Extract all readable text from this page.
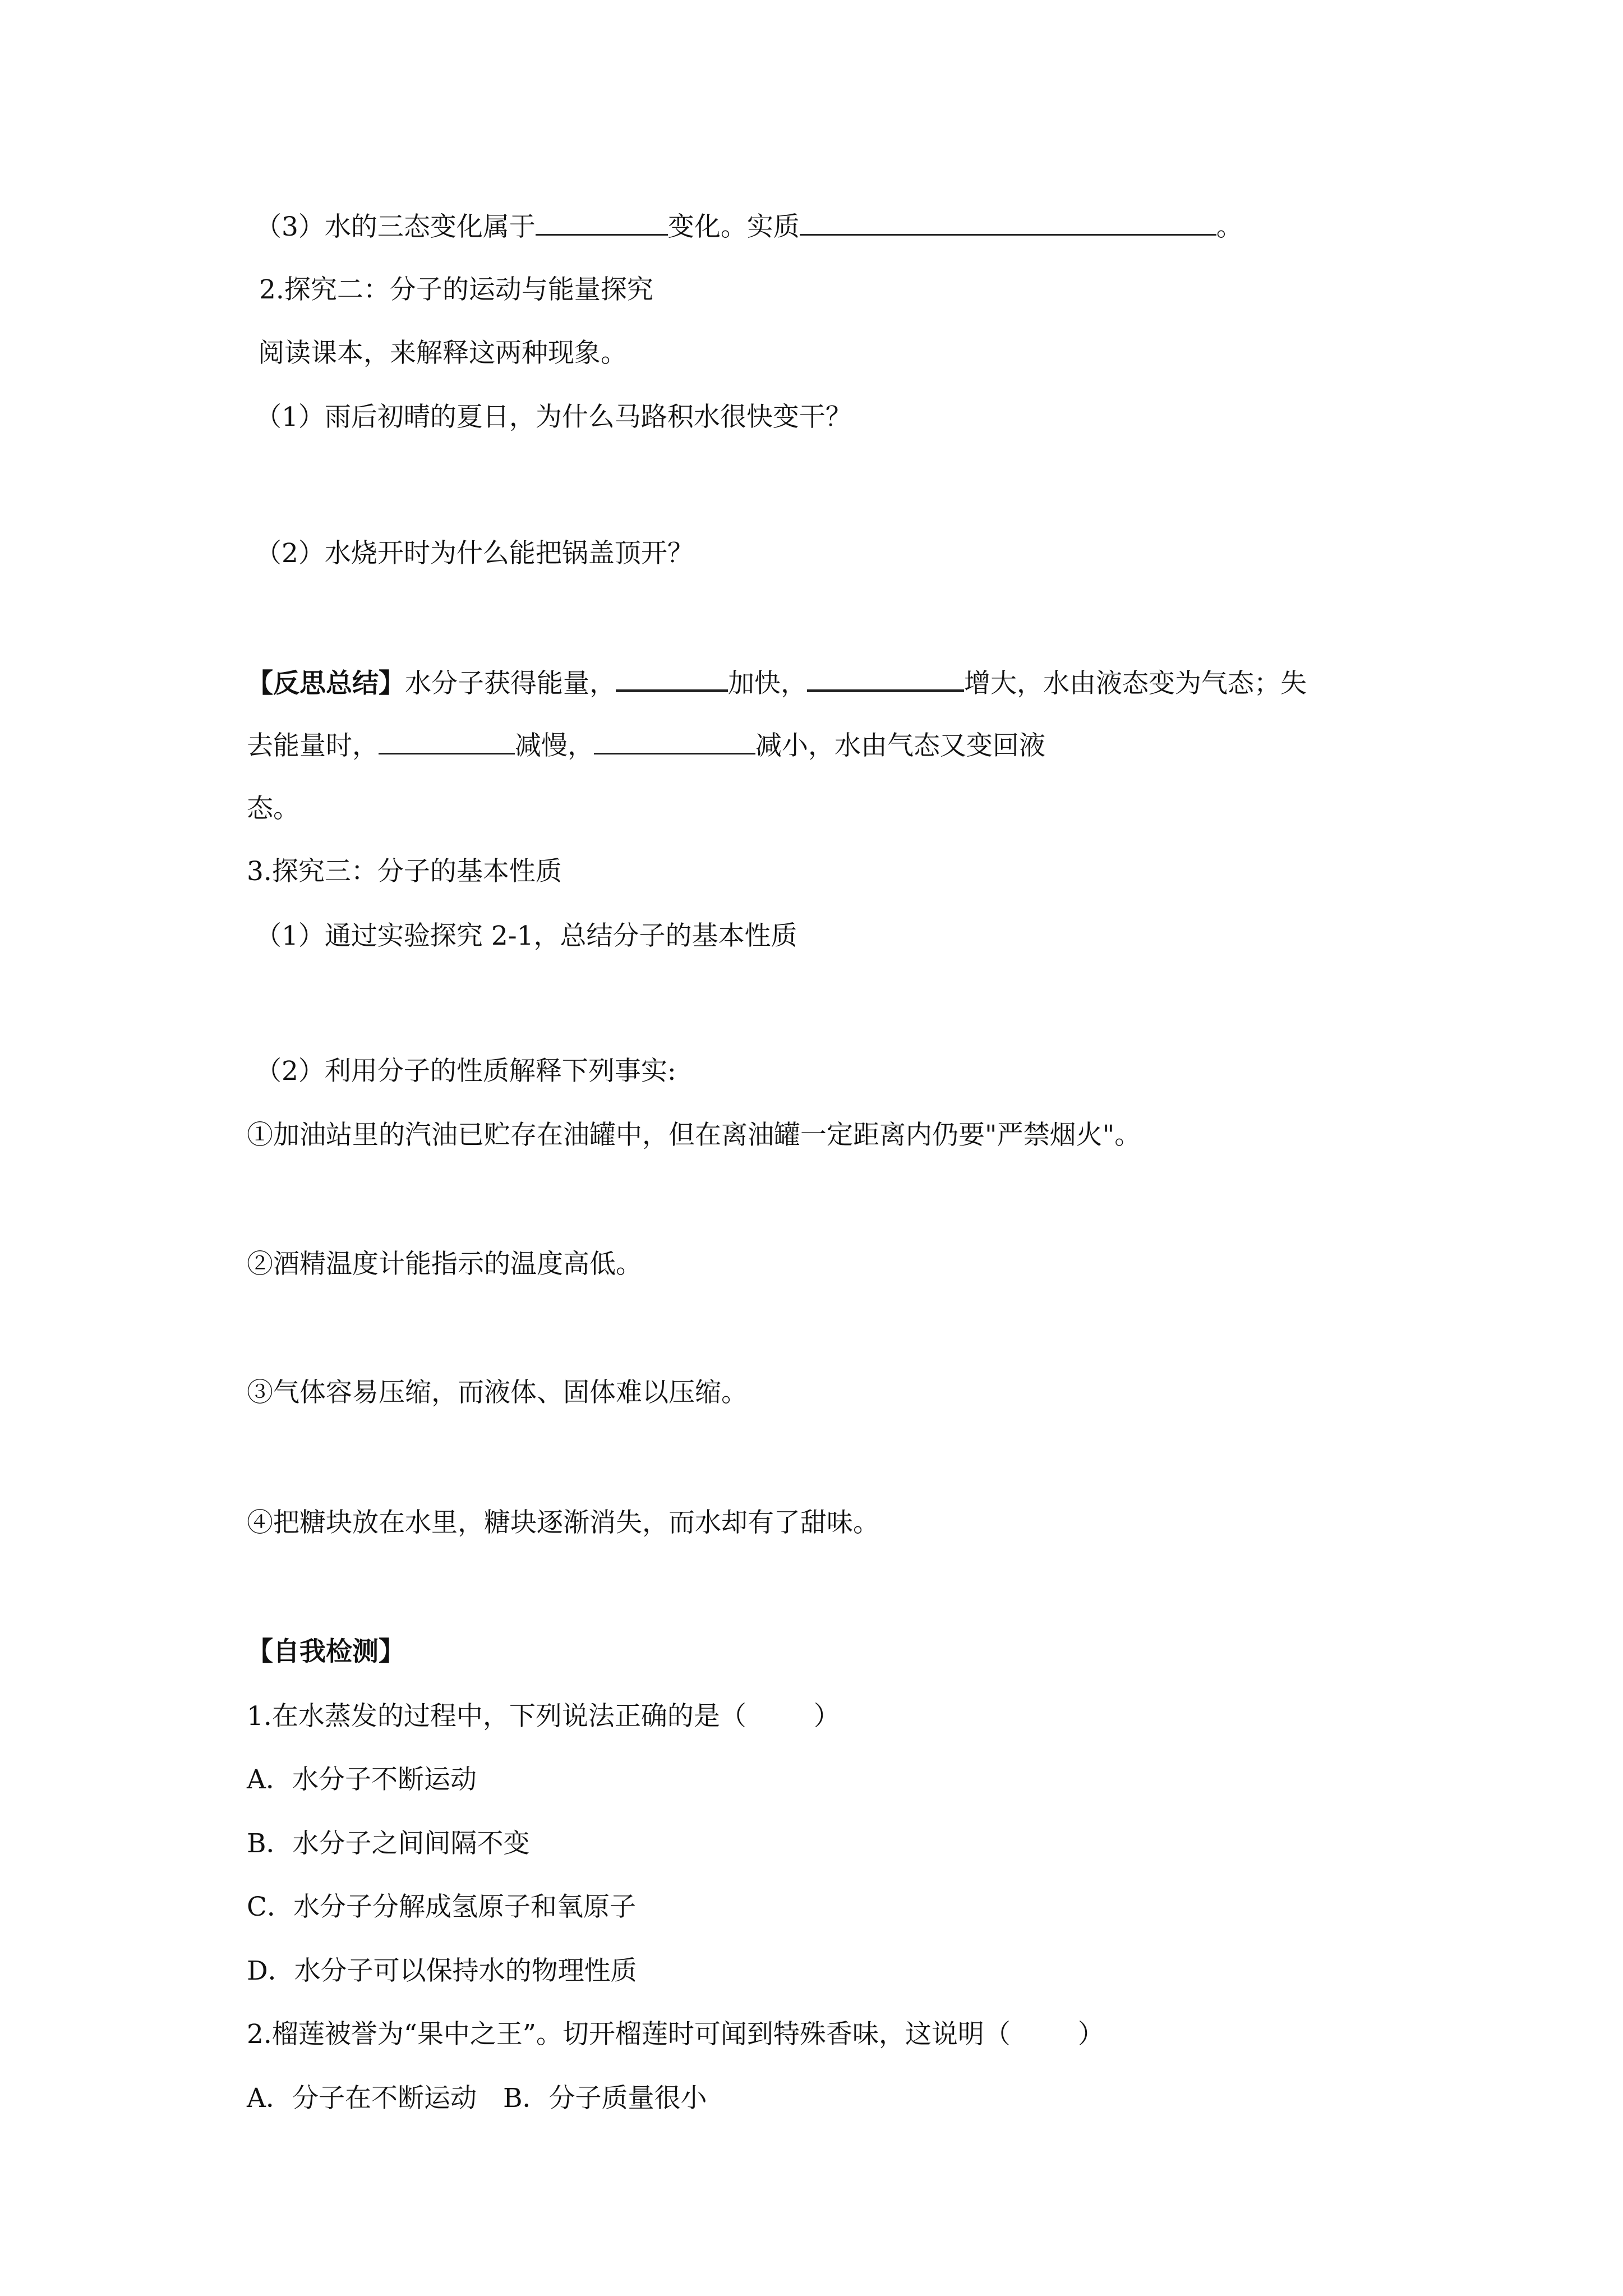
（3）水的三态变化属于	变化。实质	。
2.探究二：分子的运动与能量探究
阅读课本，来解释这两种现象。
（1）雨后初晴的夏日，为什么马路积水很快变干？
（2）水烧开时为什么能把锅盖顶开？
【反思总结】水分子获得能量，	加快，	增大，水由液态变为气态；失
去能量时，	减慢，	减小，水由气态又变回液
态。
3.探究三：分子的基本性质
（1）通过实验探究 2-1，总结分子的基本性质
（2）利用分子的性质解释下列事实:
①加油站里的汽油已贮存在油罐中，但在离油罐一定距离内仍要"严禁烟火"。
②酒精温度计能指示的温度高低。
③气体容易压缩，而液体、固体难以压缩。
④把糖块放在水里，糖块逐渐消失，而水却有了甜味。
【自我检测】
1.在水蒸发的过程中，下列说法正确的是（	）
A．水分子不断运动
B．水分子之间间隔不变
C．水分子分解成氢原子和氧原子
D．水分子可以保持水的物理性质
2.榴莲被誉为“果中之王”。切开榴莲时可闻到特殊香味，这说明（	）
A．分子在不断运动　B．分子质量很小
